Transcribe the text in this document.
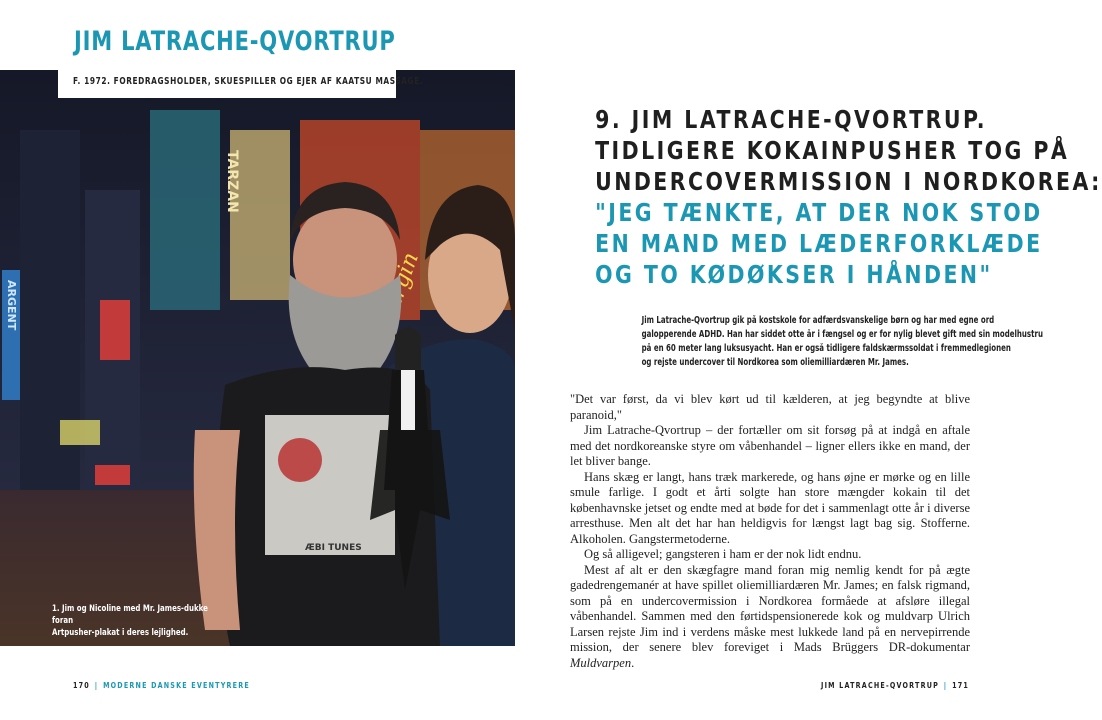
JIM LATRACHE-QVORTRUP
ARGENT
TARZAN
ÆBI TUNES
F. 1972. FOREDRAGSHOLDER, SKUESPILLER OG EJER AF KAATSU MASSAGE.
1. Jim og Nicoline med Mr. James-dukke foran
Artpusher-plakat i deres lejlighed.
170 | MODERNE DANSKE EVENTYRERE
9. JIM LATRACHE-QVORTRUP.
TIDLIGERE KOKAINPUSHER TOG PÅ
UNDERCOVERMISSION I NORDKOREA:
"JEG TÆNKTE, AT DER NOK STOD
EN MAND MED LÆDERFORKLÆDE
OG TO KØDØKSER I HÅNDEN"

Jim Latrache-Qvortrup gik på kostskole for adfærdsvanskelige børn og har med egne ord
galopperende ADHD. Han har siddet otte år i fængsel og er for nylig blevet gift med sin modelhustru
på en 60 meter lang luksusyacht. Han er også tidligere faldskærmssoldat i fremmedlegionen
og rejste undercover til Nordkorea som oliemilliardæren Mr. James.

"Det var først, da vi blev kørt ud til kælderen, at jeg begyndte at blive paranoid,"

Jim Latrache-Qvortrup – der fortæller om sit forsøg på at indgå en aftale med det nordkoreanske styre om våbenhandel – ligner ellers ikke en mand, der let bliver bange.

Hans skæg er langt, hans træk markerede, og hans øjne er mørke og en lille smule farlige. I godt et årti solgte han store mængder kokain til det københavnske jetset og endte med at bøde for det i sammenlagt otte år i diverse arresthuse. Men alt det har han heldigvis for længst lagt bag sig. Stofferne. Alkoholen. Gangstermetoderne.

Og så alligevel; gangsteren i ham er der nok lidt endnu.

Mest af alt er den skægfagre mand foran mig nemlig kendt for på ægte gadedrengemanér at have spillet oliemilliardæren Mr. James; en falsk rigmand, som på en undercovermission i Nordkorea formåede at afsløre illegal våbenhandel. Sammen med den førtidspensionerede kok og muldvarp Ulrich Larsen rejste Jim ind i verdens måske mest lukkede land på en nervepirrende mission, der senere blev foreviget i Mads Brüggers DR-dokumentar Muldvarpen.

JIM LATRACHE-QVORTRUP | 171
